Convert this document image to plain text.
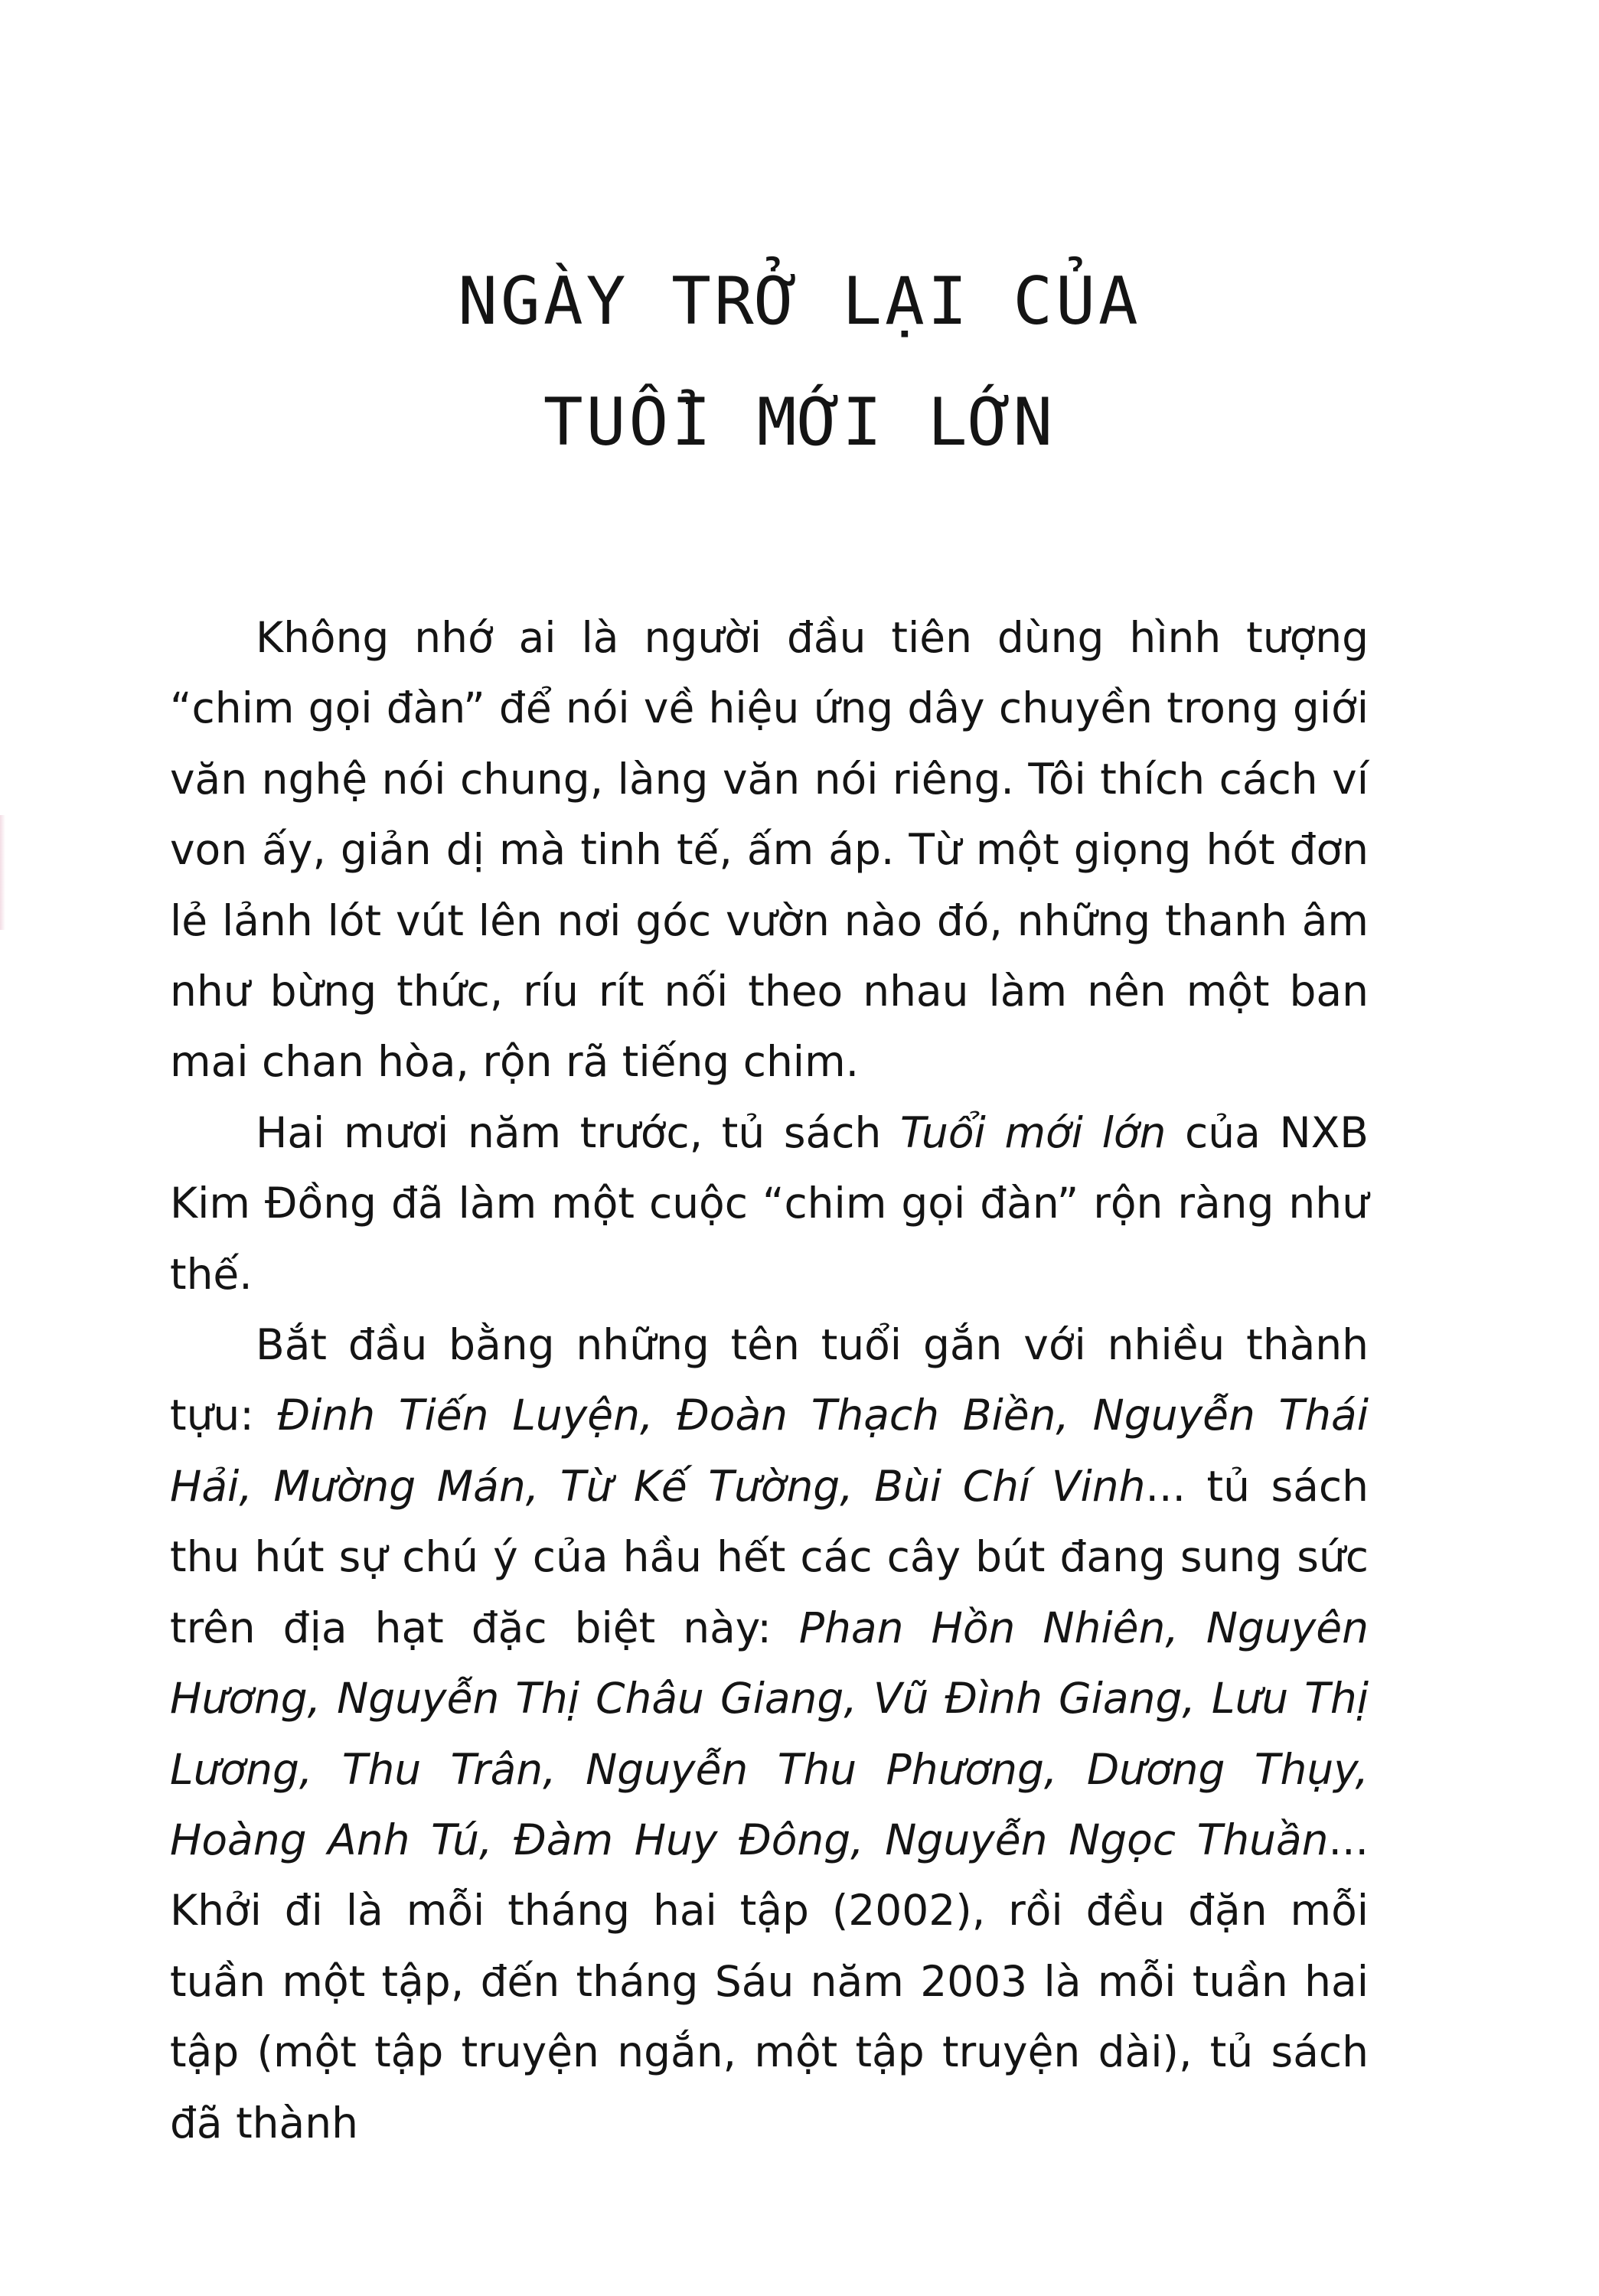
NGÀY TRỞ LẠI CỦA
TUỔI MỚI LỚN

Không nhớ ai là người đầu tiên dùng hình tượng “chim gọi đàn” để nói về hiệu ứng dây chuyền trong giới văn nghệ nói chung, làng văn nói riêng. Tôi thích cách ví von ấy, giản dị mà tinh tế, ấm áp. Từ một giọng hót đơn lẻ lảnh lót vút lên nơi góc vườn nào đó, những thanh âm như bừng thức, ríu rít nối theo nhau làm nên một ban mai chan hòa, rộn rã tiếng chim.

Hai mươi năm trước, tủ sách Tuổi mới lớn của NXB Kim Đồng đã làm một cuộc “chim gọi đàn” rộn ràng như thế.

Bắt đầu bằng những tên tuổi gắn với nhiều thành tựu: Đinh Tiến Luyện, Đoàn Thạch Biền, Nguyễn Thái Hải, Mường Mán, Từ Kế Tường, Bùi Chí Vinh... tủ sách thu hút sự chú ý của hầu hết các cây bút đang sung sức trên địa hạt đặc biệt này: Phan Hồn Nhiên, Nguyên Hương, Nguyễn Thị Châu Giang, Vũ Đình Giang, Lưu Thị Lương, Thu Trân, Nguyễn Thu Phương, Dương Thụy, Hoàng Anh Tú, Đàm Huy Đông, Nguyễn Ngọc Thuần... Khởi đi là mỗi tháng hai tập (2002), rồi đều đặn mỗi tuần một tập, đến tháng Sáu năm 2003 là mỗi tuần hai tập (một tập truyện ngắn, một tập truyện dài), tủ sách đã thành
